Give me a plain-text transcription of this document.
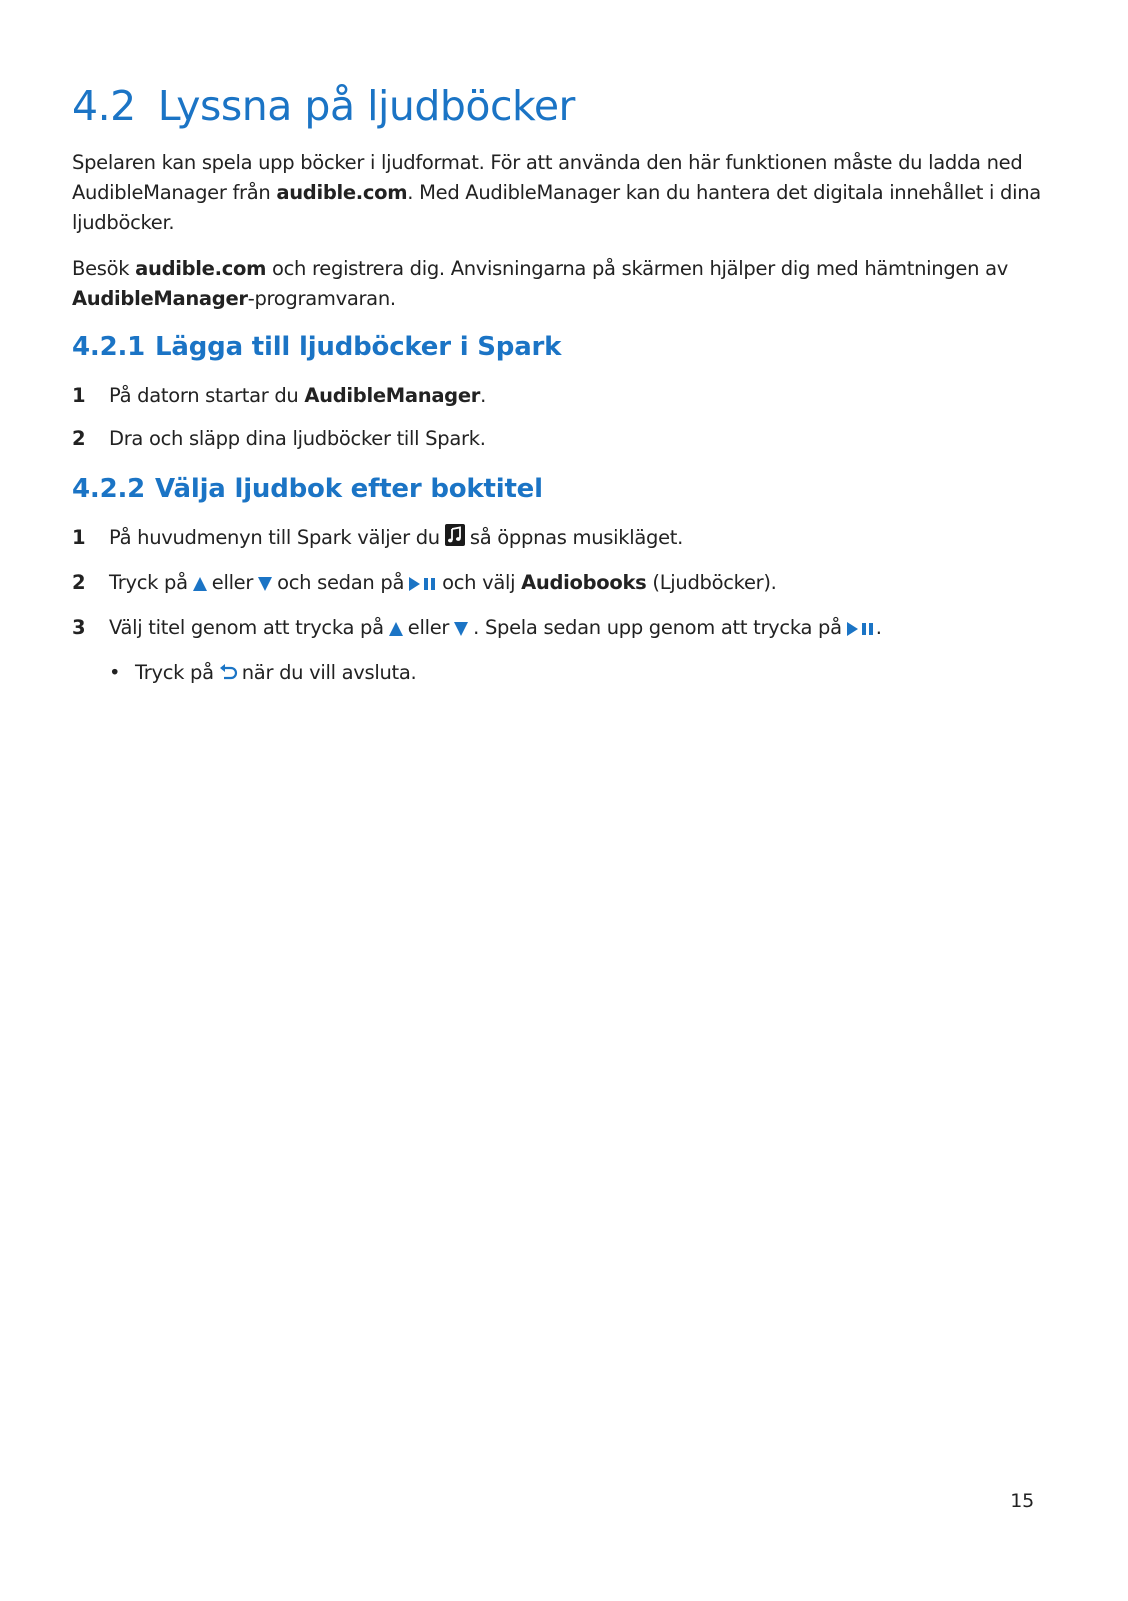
4.2 Lyssna på ljudböcker

Spelaren kan spela upp böcker i ljudformat. För att använda den här funktionen måste du ladda ned AudibleManager från audible.com. Med AudibleManager kan du hantera det digitala innehållet i dina ljudböcker.

Besök audible.com och registrera dig. Anvisningarna på skärmen hjälper dig med hämtningen av AudibleManager-programvaran.

4.2.1 Lägga till ljudböcker i Spark
1 På datorn startar du AudibleManager.
2 Dra och släpp dina ljudböcker till Spark.
4.2.2 Välja ljudbok efter boktitel
1 På huvudmenyn till Spark väljer du så öppnas musikläget.
2 Tryck på eller och sedan på och välj Audiobooks (Ljudböcker).
3 Välj titel genom att trycka på eller . Spela sedan upp genom att trycka på .
• Tryck på när du vill avsluta.
15
